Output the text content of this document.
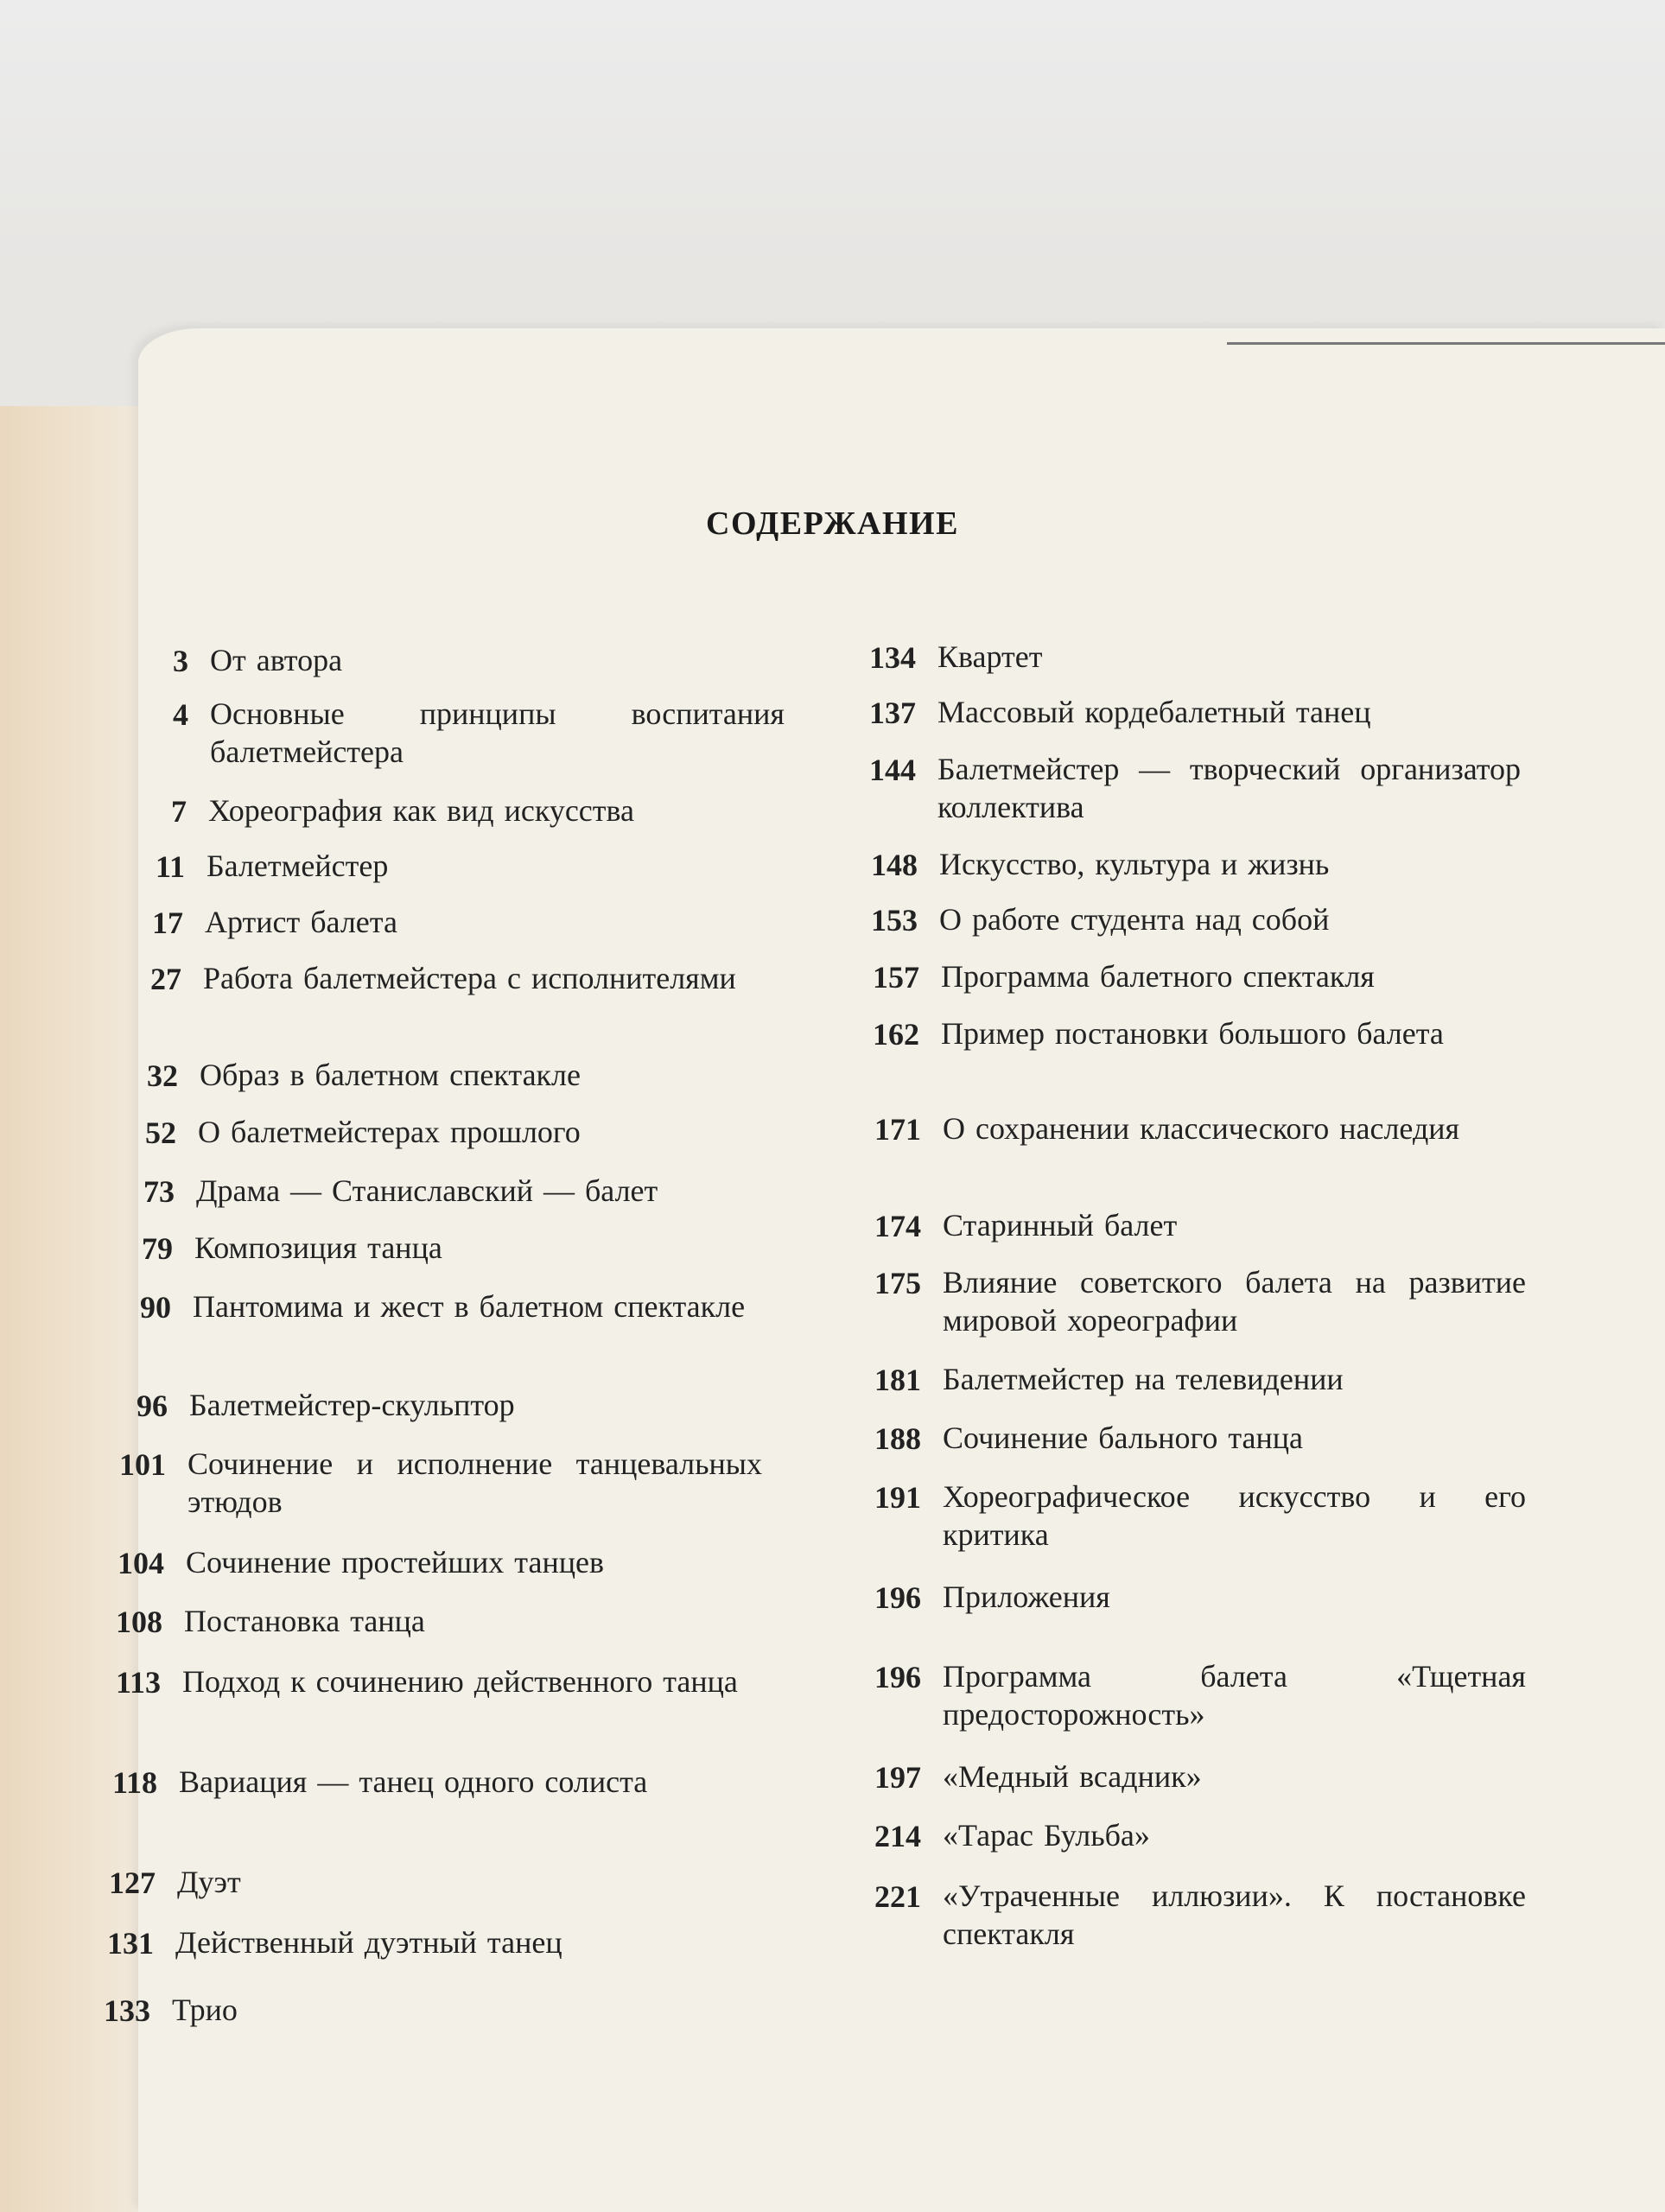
СОДЕРЖАНИЕ
3 От автора
4 Основные принципы воспитания балетмейстера
7 Хореография как вид искусства
11 Балетмейстер
17 Артист балета
27 Работа балетмейстера с исполнителями
32 Образ в балетном спектакле
52 О балетмейстерах прошлого
73 Драма — Станиславский — балет
79 Композиция танца
90 Пантомима и жест в балетном спектакле
96 Балетмейстер-скульптор
101 Сочинение и исполнение танцевальных этюдов
104 Сочинение простейших танцев
108 Постановка танца
113 Подход к сочинению действенного танца
118 Вариация — танец одного солиста
127 Дуэт
131 Действенный дуэтный танец
133 Трио
134 Квартет
137 Массовый кордебалетный танец
144 Балетмейстер — творческий организатор коллектива
148 Искусство, культура и жизнь
153 О работе студента над собой
157 Программа балетного спектакля
162 Пример постановки большого балета
171 О сохранении классического наследия
174 Старинный балет
175 Влияние советского балета на развитие мировой хореографии
181 Балетмейстер на телевидении
188 Сочинение бального танца
191 Хореографическое искусство и его критика
196 Приложения
196 Программа балета «Тщетная предосторожность»
197 «Медный всадник»
214 «Тарас Бульба»
221 «Утраченные иллюзии». К постановке спектакля
